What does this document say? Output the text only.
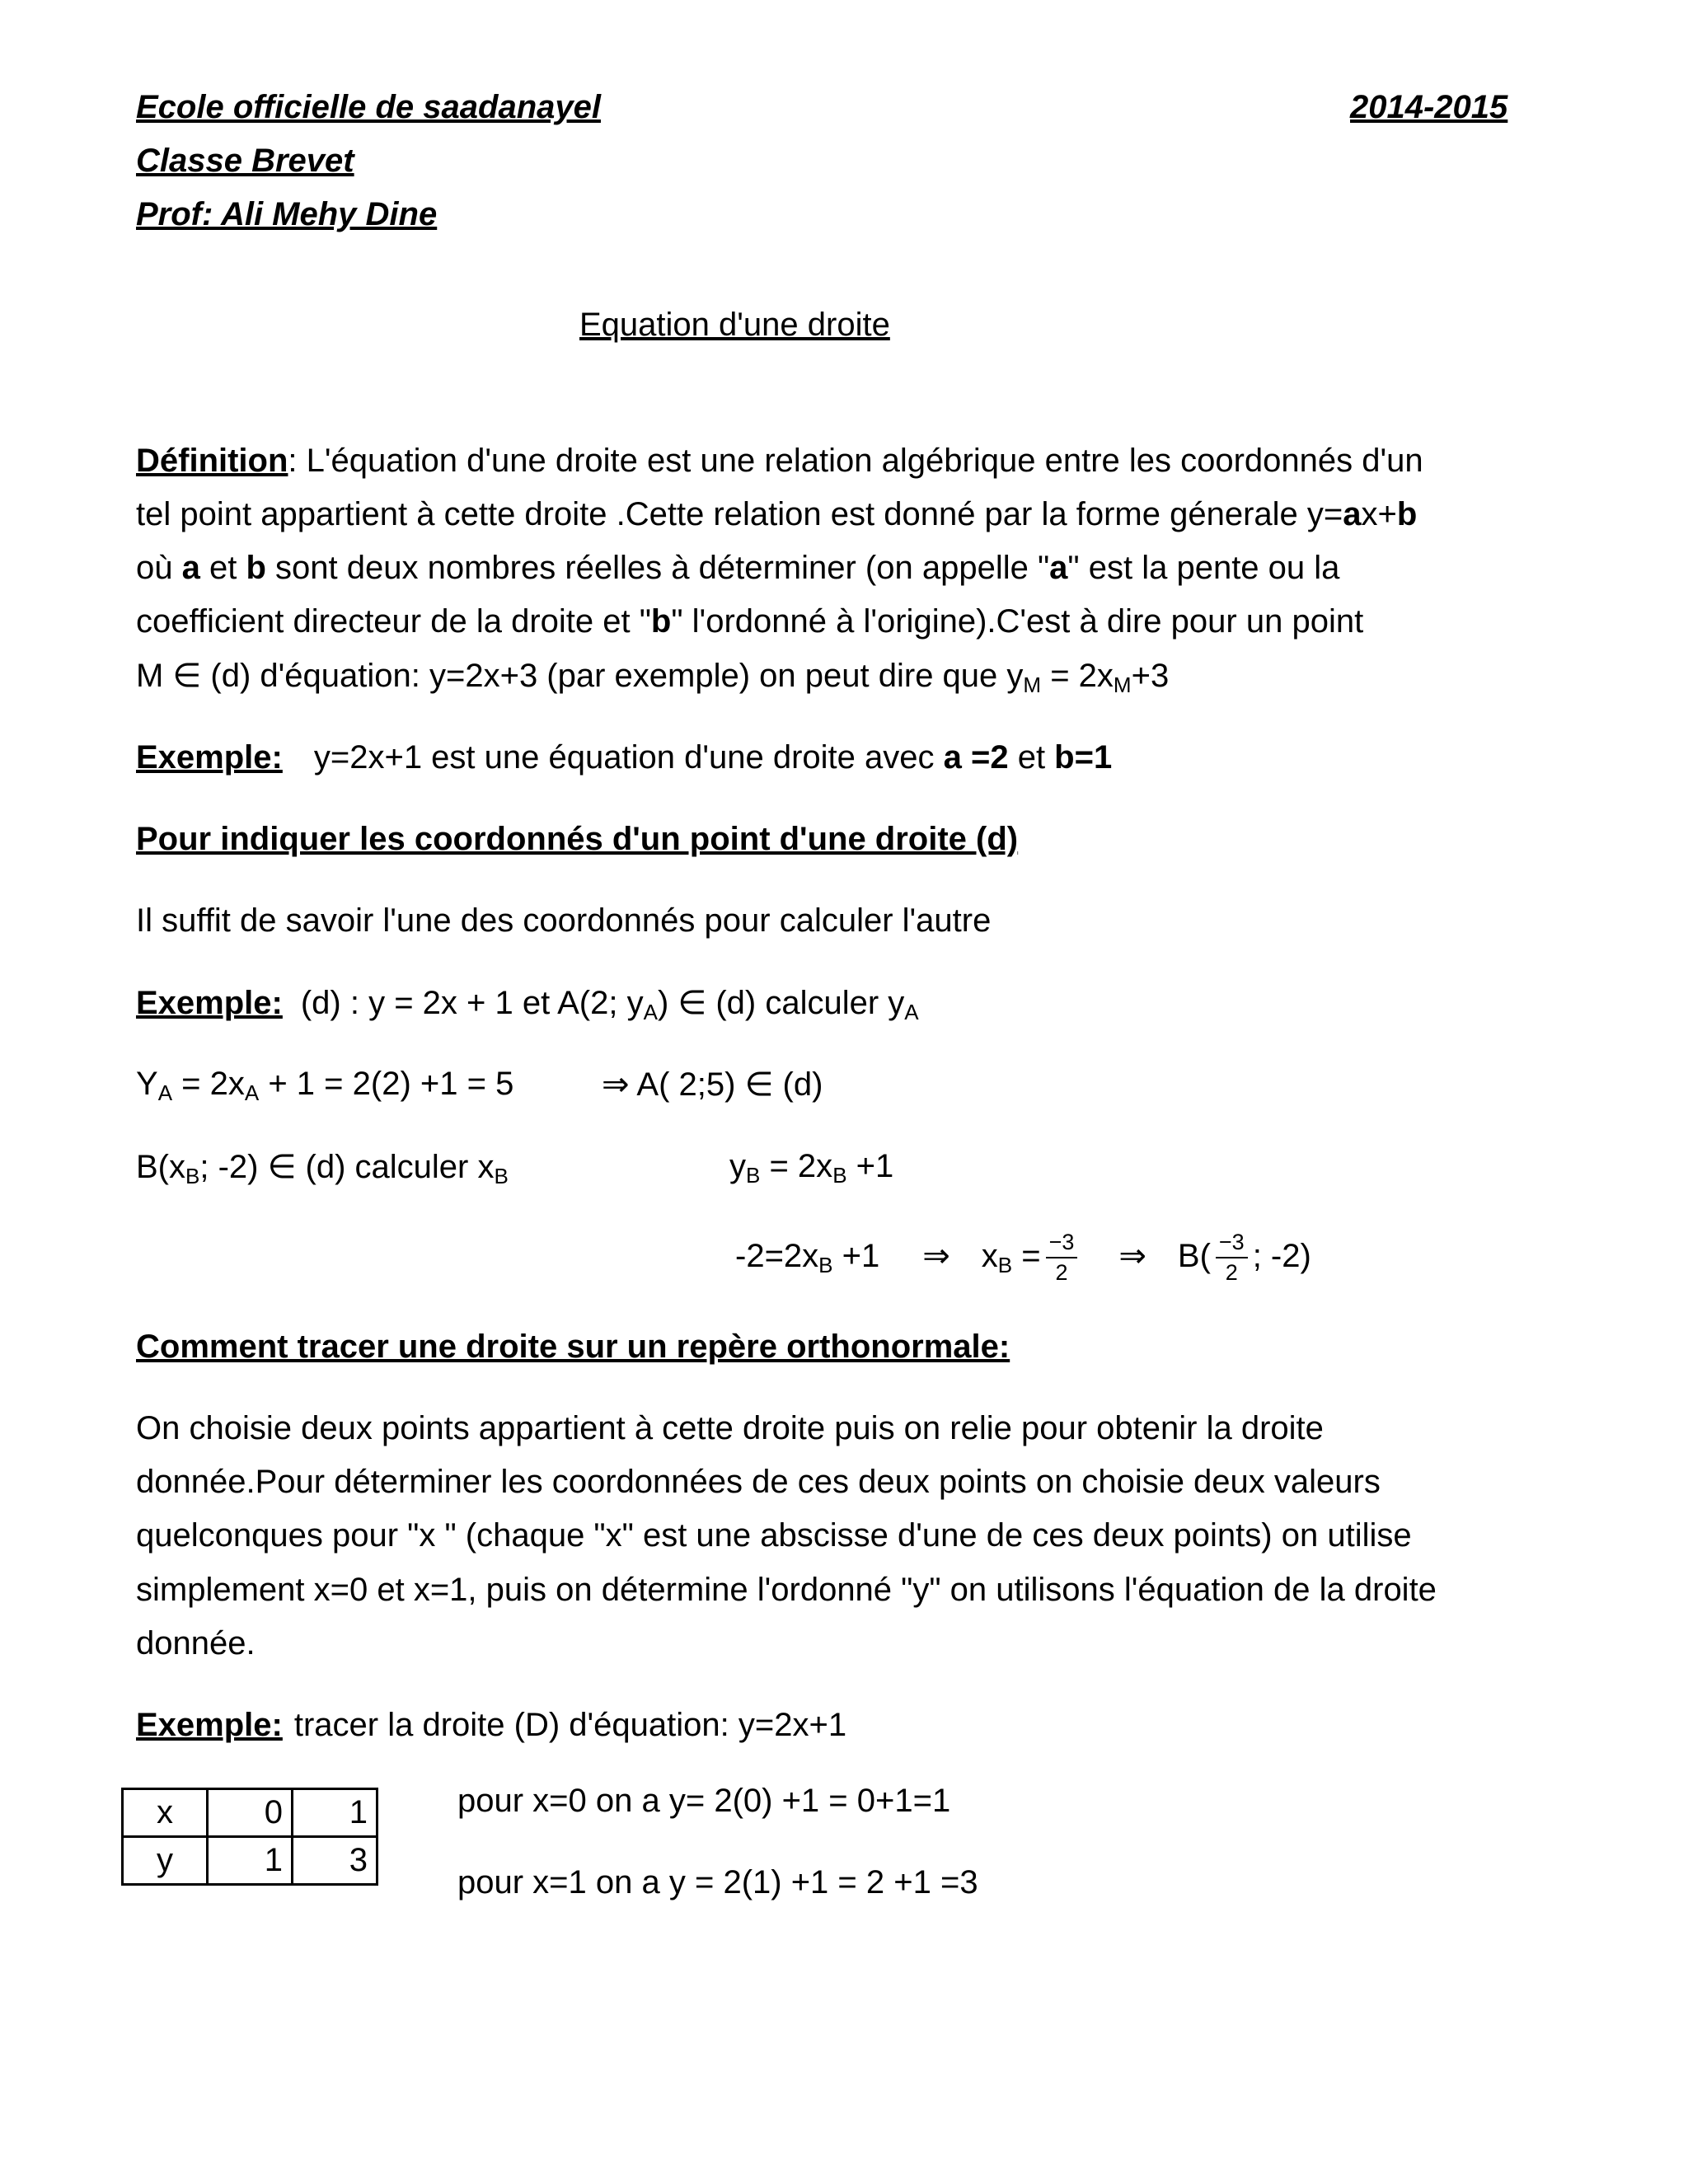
Ecole officielle de saadanayel	2014-2015
Classe Brevet
Prof: Ali Mehy Dine
Equation d'une droite
Définition: L'équation d'une droite est une relation algébrique entre les coordonnés d'un
tel point appartient à cette droite .Cette relation est donné par la forme génerale y=ax+b
où a et b sont deux nombres réelles à déterminer (on appelle "a" est la pente ou la
coefficient directeur de la droite et "b" l'ordonné à l'origine).C'est à dire pour un point
M ∈ (d) d'équation: y=2x+3 (par exemple) on peut dire que $y_M = 2x_M+3$
Exemple: y=2x+1 est une équation d'une droite avec a =2 et b=1
Pour indiquer les coordonnés d'un point d'une droite (d)
Il suffit de savoir l'une des coordonnés pour calculer l'autre
Exemple: (d) : y = 2x + 1 et A(2; $y_A$) ∈ (d) calculer $y_A$
$Y_A = 2x_A + 1 = 2(2) +1 = 5$	⇒ A( 2;5) ∈ (d)
$B(x_B$; -2) ∈ (d) calculer $x_B$	$y_B = 2x_B +1$
$-2=2x_B +1$ ⇒ $x_B = \frac{-3}{2}$ ⇒ $B( \frac{-3}{2}$ ; -2)
Comment tracer une droite sur un repère orthonormale:
On choisie deux points appartient à cette droite puis on relie pour obtenir la droite
donnée.Pour déterminer les coordonnées de ces deux points on choisie deux valeurs
quelconques pour "x " (chaque "x" est une abscisse d'une de ces deux points) on utilise
simplement x=0 et x=1, puis on détermine l'ordonné "y" on utilisons l'équation de la droite
donnée.
Exemple: tracer la droite (D) d'équation: y=2x+1
x	0	1
y	1	3
pour x=0 on a y= 2(0) +1 = 0+1=1
pour x=1 on a y = 2(1) +1 = 2 +1 =3
